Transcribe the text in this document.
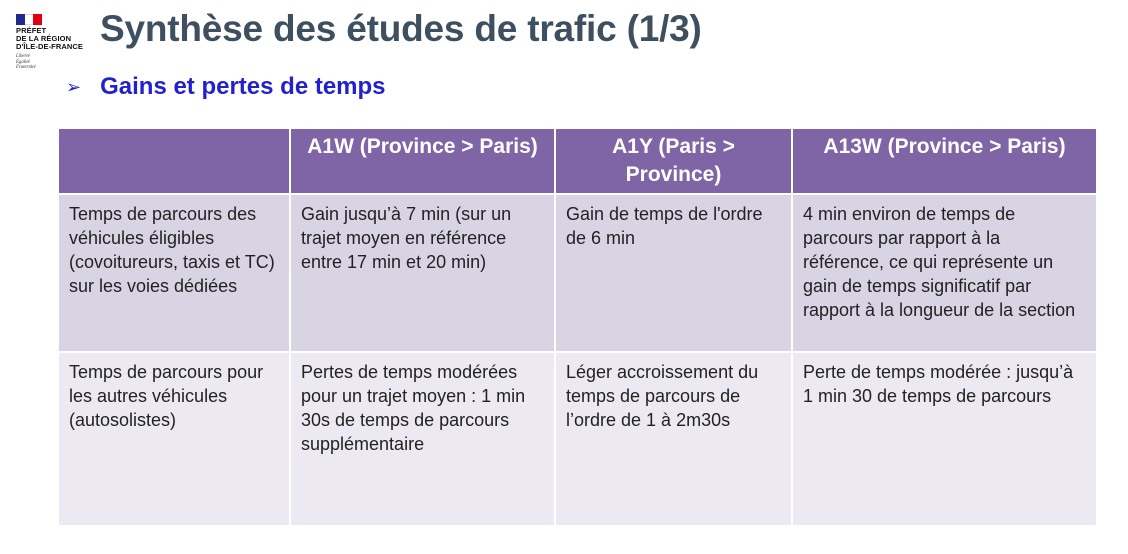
PRÉFET
DE LA RÉGION
D'ÎLE-DE-FRANCE
Liberté
Égalité
Fraternité
Synthèse des études de trafic (1/3)
➢ Gains et pertes de temps
	A1W (Province > Paris)	A1Y (Paris > Province)	A13W (Province > Paris)
Temps de parcours des véhicules éligibles (covoitureurs, taxis et TC) sur les voies dédiées	Gain jusqu’à 7 min (sur un trajet moyen en référence entre 17 min et 20 min)	Gain de temps de l'ordre de 6 min	4 min environ de temps de parcours par rapport à la référence, ce qui représente un gain de temps significatif par rapport à la longueur de la section
Temps de parcours pour les autres véhicules (autosolistes)	Pertes de temps modérées pour un trajet moyen : 1 min 30s de temps de parcours supplémentaire	Léger accroissement du temps de parcours de l’ordre de 1 à 2m30s	Perte de temps modérée : jusqu’à 1 min 30 de temps de parcours
